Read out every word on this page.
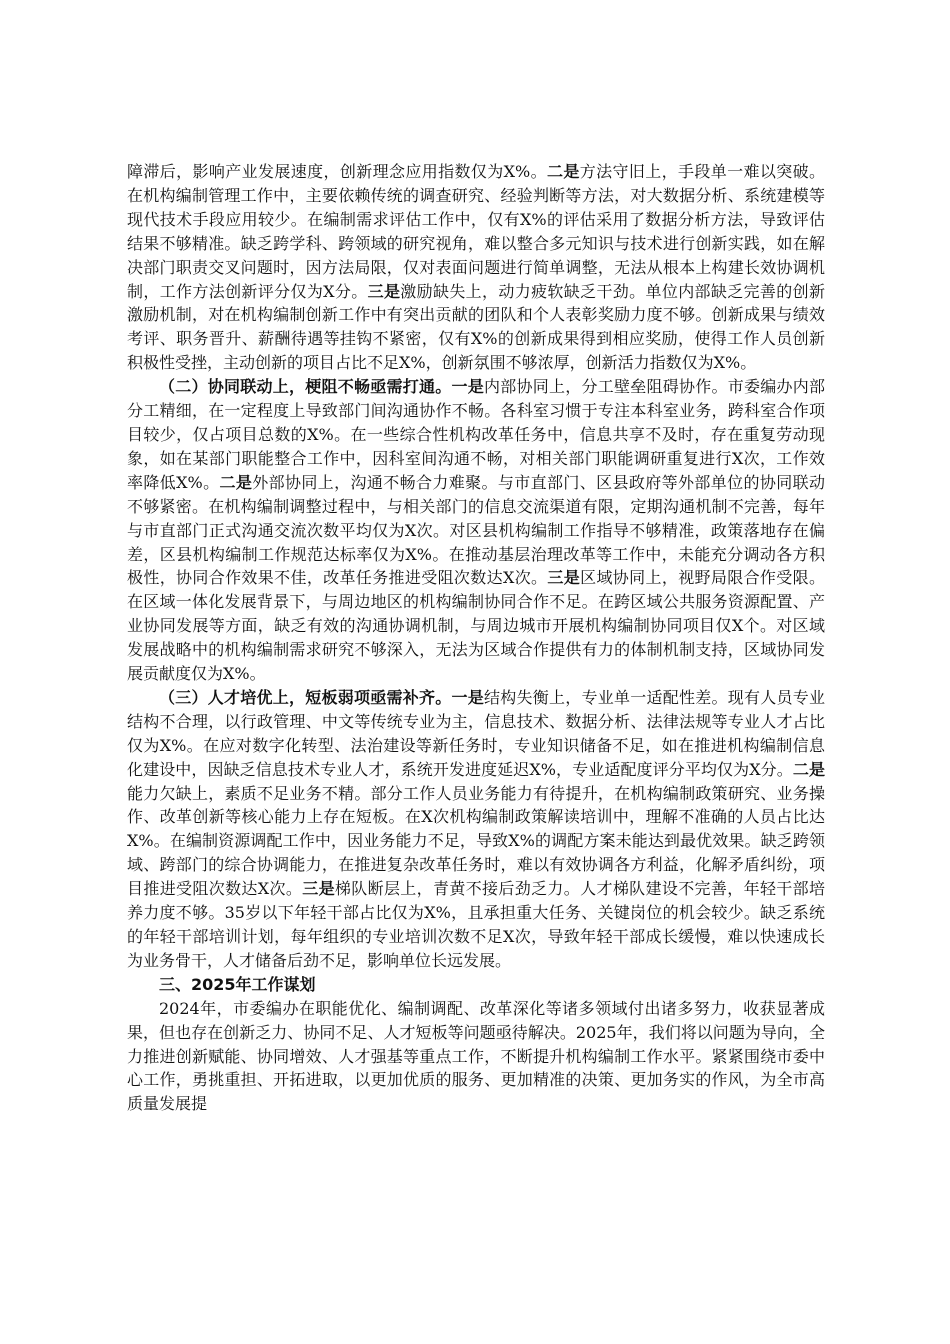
障滞后，影响产业发展速度，创新理念应用指数仅为X%。二是方法守旧上，手段单一难以突破。在机构编制管理工作中，主要依赖传统的调查研究、经验判断等方法，对大数据分析、系统建模等现代技术手段应用较少。在编制需求评估工作中，仅有X%的评估采用了数据分析方法，导致评估结果不够精准。缺乏跨学科、跨领域的研究视角，难以整合多元知识与技术进行创新实践，如在解决部门职责交叉问题时，因方法局限，仅对表面问题进行简单调整，无法从根本上构建长效协调机制，工作方法创新评分仅为X分。三是激励缺失上，动力疲软缺乏干劲。单位内部缺乏完善的创新激励机制，对在机构编制创新工作中有突出贡献的团队和个人表彰奖励力度不够。创新成果与绩效考评、职务晋升、薪酬待遇等挂钩不紧密，仅有X%的创新成果得到相应奖励，使得工作人员创新积极性受挫，主动创新的项目占比不足X%，创新氛围不够浓厚，创新活力指数仅为X%。

（二）协同联动上，梗阻不畅亟需打通。一是内部协同上，分工壁垒阻碍协作。市委编办内部分工精细，在一定程度上导致部门间沟通协作不畅。各科室习惯于专注本科室业务，跨科室合作项目较少，仅占项目总数的X%。在一些综合性机构改革任务中，信息共享不及时，存在重复劳动现象，如在某部门职能整合工作中，因科室间沟通不畅，对相关部门职能调研重复进行X次，工作效率降低X%。二是外部协同上，沟通不畅合力难聚。与市直部门、区县政府等外部单位的协同联动不够紧密。在机构编制调整过程中，与相关部门的信息交流渠道有限，定期沟通机制不完善，每年与市直部门正式沟通交流次数平均仅为X次。对区县机构编制工作指导不够精准，政策落地存在偏差，区县机构编制工作规范达标率仅为X%。在推动基层治理改革等工作中，未能充分调动各方积极性，协同合作效果不佳，改革任务推进受阻次数达X次。三是区域协同上，视野局限合作受限。在区域一体化发展背景下，与周边地区的机构编制协同合作不足。在跨区域公共服务资源配置、产业协同发展等方面，缺乏有效的沟通协调机制，与周边城市开展机构编制协同项目仅X个。对区域发展战略中的机构编制需求研究不够深入，无法为区域合作提供有力的体制机制支持，区域协同发展贡献度仅为X%。

（三）人才培优上，短板弱项亟需补齐。一是结构失衡上，专业单一适配性差。现有人员专业结构不合理，以行政管理、中文等传统专业为主，信息技术、数据分析、法律法规等专业人才占比仅为X%。在应对数字化转型、法治建设等新任务时，专业知识储备不足，如在推进机构编制信息化建设中，因缺乏信息技术专业人才，系统开发进度延迟X%，专业适配度评分平均仅为X分。二是能力欠缺上，素质不足业务不精。部分工作人员业务能力有待提升，在机构编制政策研究、业务操作、改革创新等核心能力上存在短板。在X次机构编制政策解读培训中，理解不准确的人员占比达X%。在编制资源调配工作中，因业务能力不足，导致X%的调配方案未能达到最优效果。缺乏跨领域、跨部门的综合协调能力，在推进复杂改革任务时，难以有效协调各方利益，化解矛盾纠纷，项目推进受阻次数达X次。三是梯队断层上，青黄不接后劲乏力。人才梯队建设不完善，年轻干部培养力度不够。35岁以下年轻干部占比仅为X%，且承担重大任务、关键岗位的机会较少。缺乏系统的年轻干部培训计划，每年组织的专业培训次数不足X次，导致年轻干部成长缓慢，难以快速成长为业务骨干，人才储备后劲不足，影响单位长远发展。

三、2025年工作谋划

2024年，市委编办在职能优化、编制调配、改革深化等诸多领域付出诸多努力，收获显著成果，但也存在创新乏力、协同不足、人才短板等问题亟待解决。2025年，我们将以问题为导向，全力推进创新赋能、协同增效、人才强基等重点工作，不断提升机构编制工作水平。紧紧围绕市委中心工作，勇挑重担、开拓进取，以更加优质的服务、更加精准的决策、更加务实的作风，为全市高质量发展提
